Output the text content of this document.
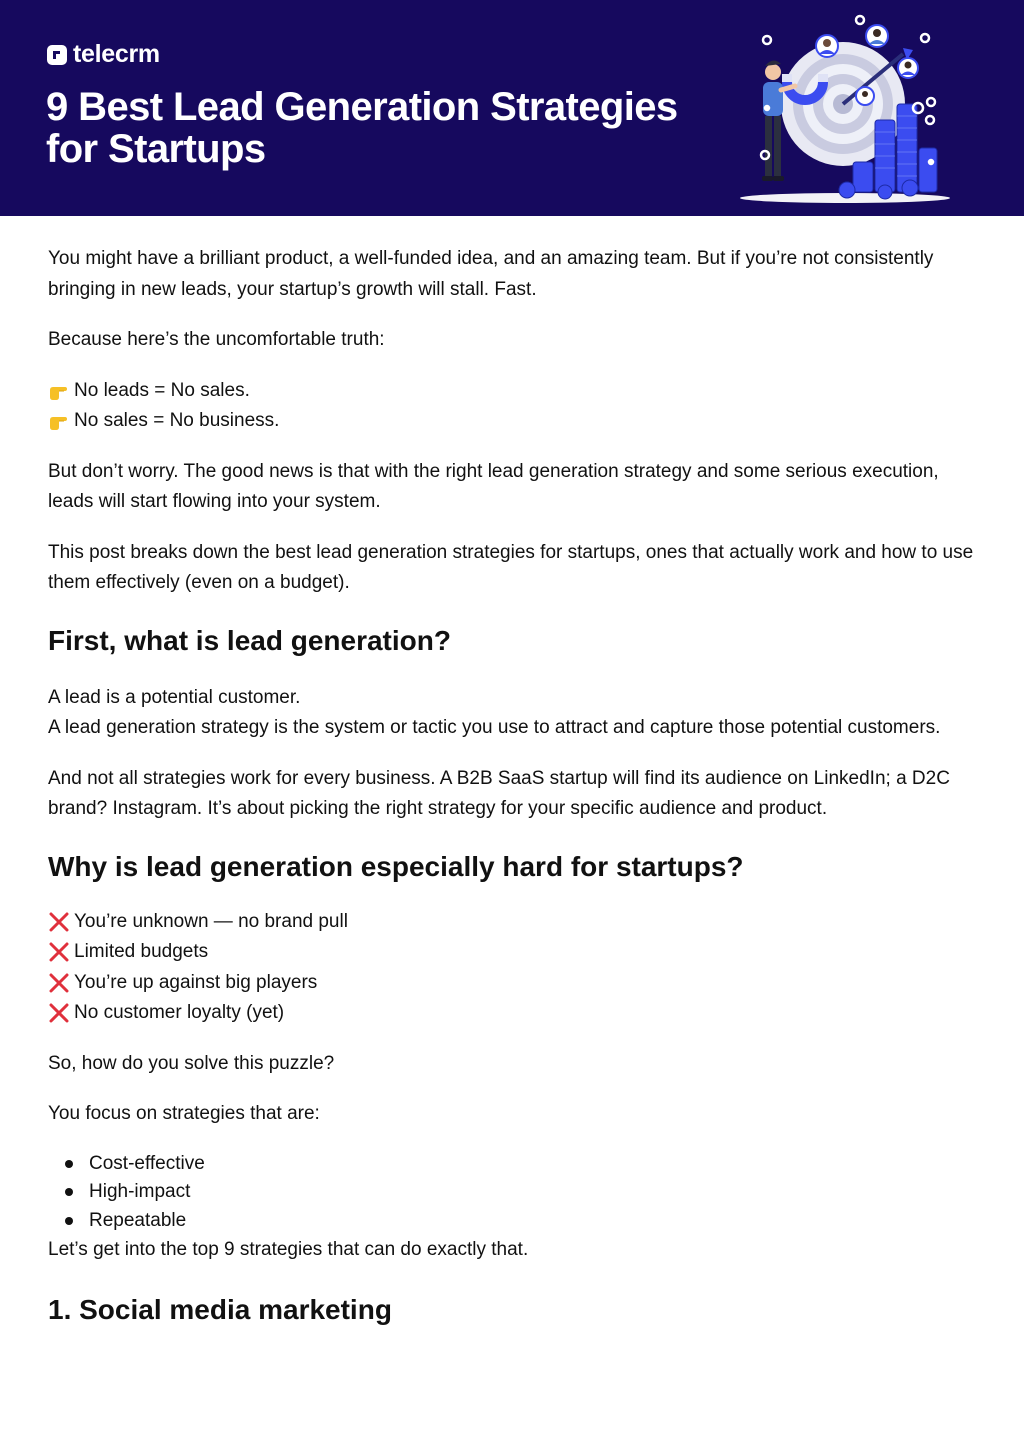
telecrm
9 Best Lead Generation Strategies
for Startups

You might have a brilliant product, a well-funded idea, and an amazing team. But if you’re not consistently bringing in new leads, your startup’s growth will stall. Fast.

Because here’s the uncomfortable truth:

No leads = No sales.
No sales = No business.

But don’t worry. The good news is that with the right lead generation strategy and some serious execution, leads will start flowing into your system.

This post breaks down the best lead generation strategies for startups, ones that actually work and how to use them effectively (even on a budget).

First, what is lead generation?

A lead is a potential customer.
A lead generation strategy is the system or tactic you use to attract and capture those potential customers.

And not all strategies work for every business. A B2B SaaS startup will find its audience on LinkedIn; a D2C brand? Instagram. It’s about picking the right strategy for your specific audience and product.

Why is lead generation especially hard for startups?
You’re unknown — no brand pull
Limited budgets
You’re up against big players
No customer loyalty (yet)

So, how do you solve this puzzle?

You focus on strategies that are:

Cost-effective
High-impact
Repeatable

Let’s get into the top 9 strategies that can do exactly that.

1. Social media marketing
